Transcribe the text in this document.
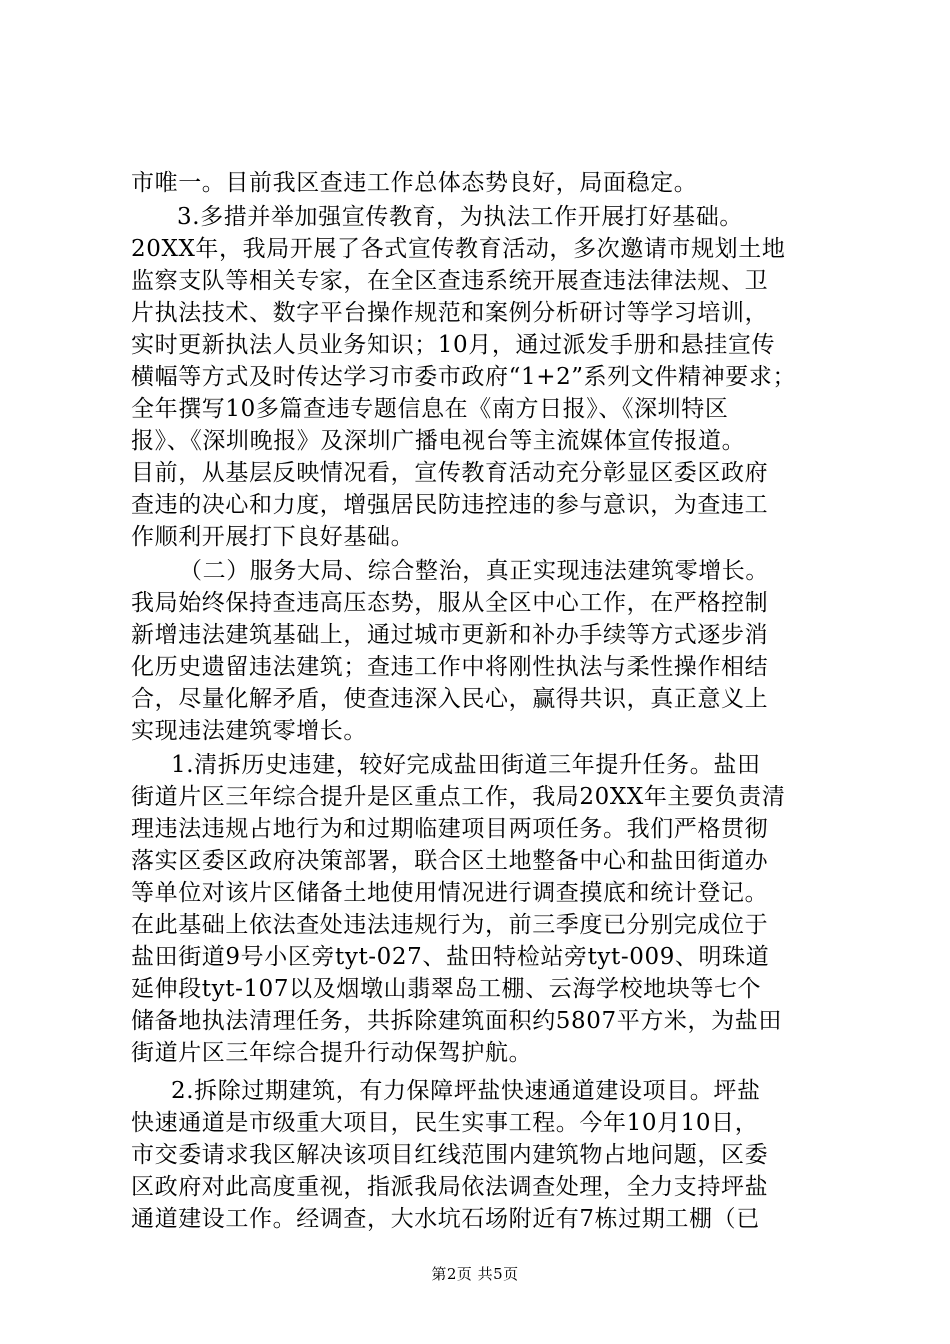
市唯一。目前我区查违工作总体态势良好，局面稳定。
3.多措并举加强宣传教育，为执法工作开展打好基础。
20XX年，我局开展了各式宣传教育活动，多次邀请市规划土地
监察支队等相关专家，在全区查违系统开展查违法律法规、卫
片执法技术、数字平台操作规范和案例分析研讨等学习培训，
实时更新执法人员业务知识；10月，通过派发手册和悬挂宣传
横幅等方式及时传达学习市委市政府“1+2”系列文件精神要求；
全年撰写10多篇查违专题信息在《南方日报》、《深圳特区
报》、《深圳晚报》及深圳广播电视台等主流媒体宣传报道。
目前，从基层反映情况看，宣传教育活动充分彰显区委区政府
查违的决心和力度，增强居民防违控违的参与意识，为查违工
作顺利开展打下良好基础。
（二）服务大局、综合整治，真正实现违法建筑零增长。
我局始终保持查违高压态势，服从全区中心工作，在严格控制
新增违法建筑基础上，通过城市更新和补办手续等方式逐步消
化历史遗留违法建筑；查违工作中将刚性执法与柔性操作相结
合，尽量化解矛盾，使查违深入民心，赢得共识，真正意义上
实现违法建筑零增长。
1.清拆历史违建，较好完成盐田街道三年提升任务。盐田
街道片区三年综合提升是区重点工作，我局20XX年主要负责清
理违法违规占地行为和过期临建项目两项任务。我们严格贯彻
落实区委区政府决策部署，联合区土地整备中心和盐田街道办
等单位对该片区储备土地使用情况进行调查摸底和统计登记。
在此基础上依法查处违法违规行为，前三季度已分别完成位于
盐田街道9号小区旁tyt-027、盐田特检站旁tyt-009、明珠道
延伸段tyt-107以及烟墩山翡翠岛工棚、云海学校地块等七个
储备地执法清理任务，共拆除建筑面积约5807平方米，为盐田
街道片区三年综合提升行动保驾护航。
2.拆除过期建筑，有力保障坪盐快速通道建设项目。坪盐
快速通道是市级重大项目，民生实事工程。今年10月10日，
市交委请求我区解决该项目红线范围内建筑物占地问题，区委
区政府对此高度重视，指派我局依法调查处理，全力支持坪盐
通道建设工作。经调查，大水坑石场附近有7栋过期工棚（已
第2页 共5页
